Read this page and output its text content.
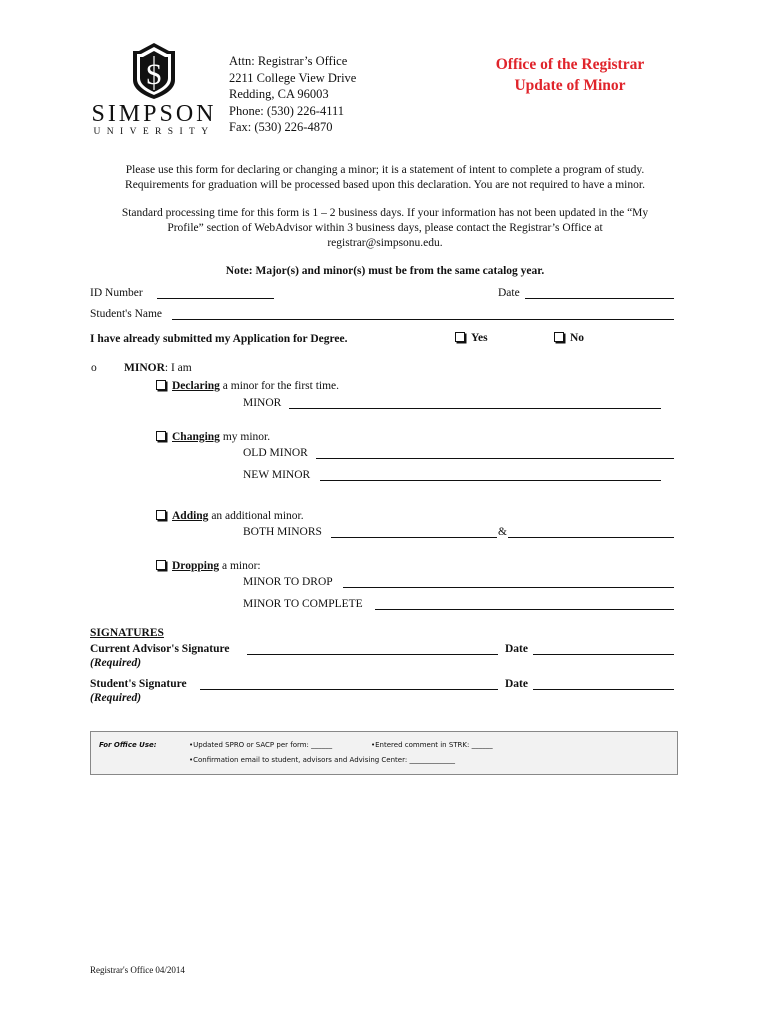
S
SIMPSON
UNIVERSITY
Attn: Registrar’s Office
2211 College View Drive
Redding, CA 96003
Phone: (530) 226-4111
Fax: (530) 226-4870
Office of the Registrar
Update of Minor
Please use this form for declaring or changing a minor; it is a statement of intent to complete a program of study.
Requirements for graduation will be processed based upon this declaration. You are not required to have a minor.
Standard processing time for this form is 1 – 2 business days. If your information has not been updated in the “My
Profile” section of WebAdvisor within 3 business days, please contact the Registrar’s Office at
registrar@simpsonu.edu.
Note: Major(s) and minor(s) must be from the same catalog year.
ID Number	Date
Student's Name
I have already submitted my Application for Degree.	Yes	No
o MINOR: I am
Declaring a minor for the first time.
MINOR
Changing my minor.
OLD MINOR
NEW MINOR
Adding an additional minor.
BOTH MINORS	&
Dropping a minor:
MINOR TO DROP
MINOR TO COMPLETE
SIGNATURES
Current Advisor's Signature	Date
(Required)
Student's Signature	Date
(Required)
For Office Use:	•Updated SPRO or SACP per form: ______	•Entered comment in STRK: ______
•Confirmation email to student, advisors and Advising Center: _____________
Registrar's Office 04/2014
